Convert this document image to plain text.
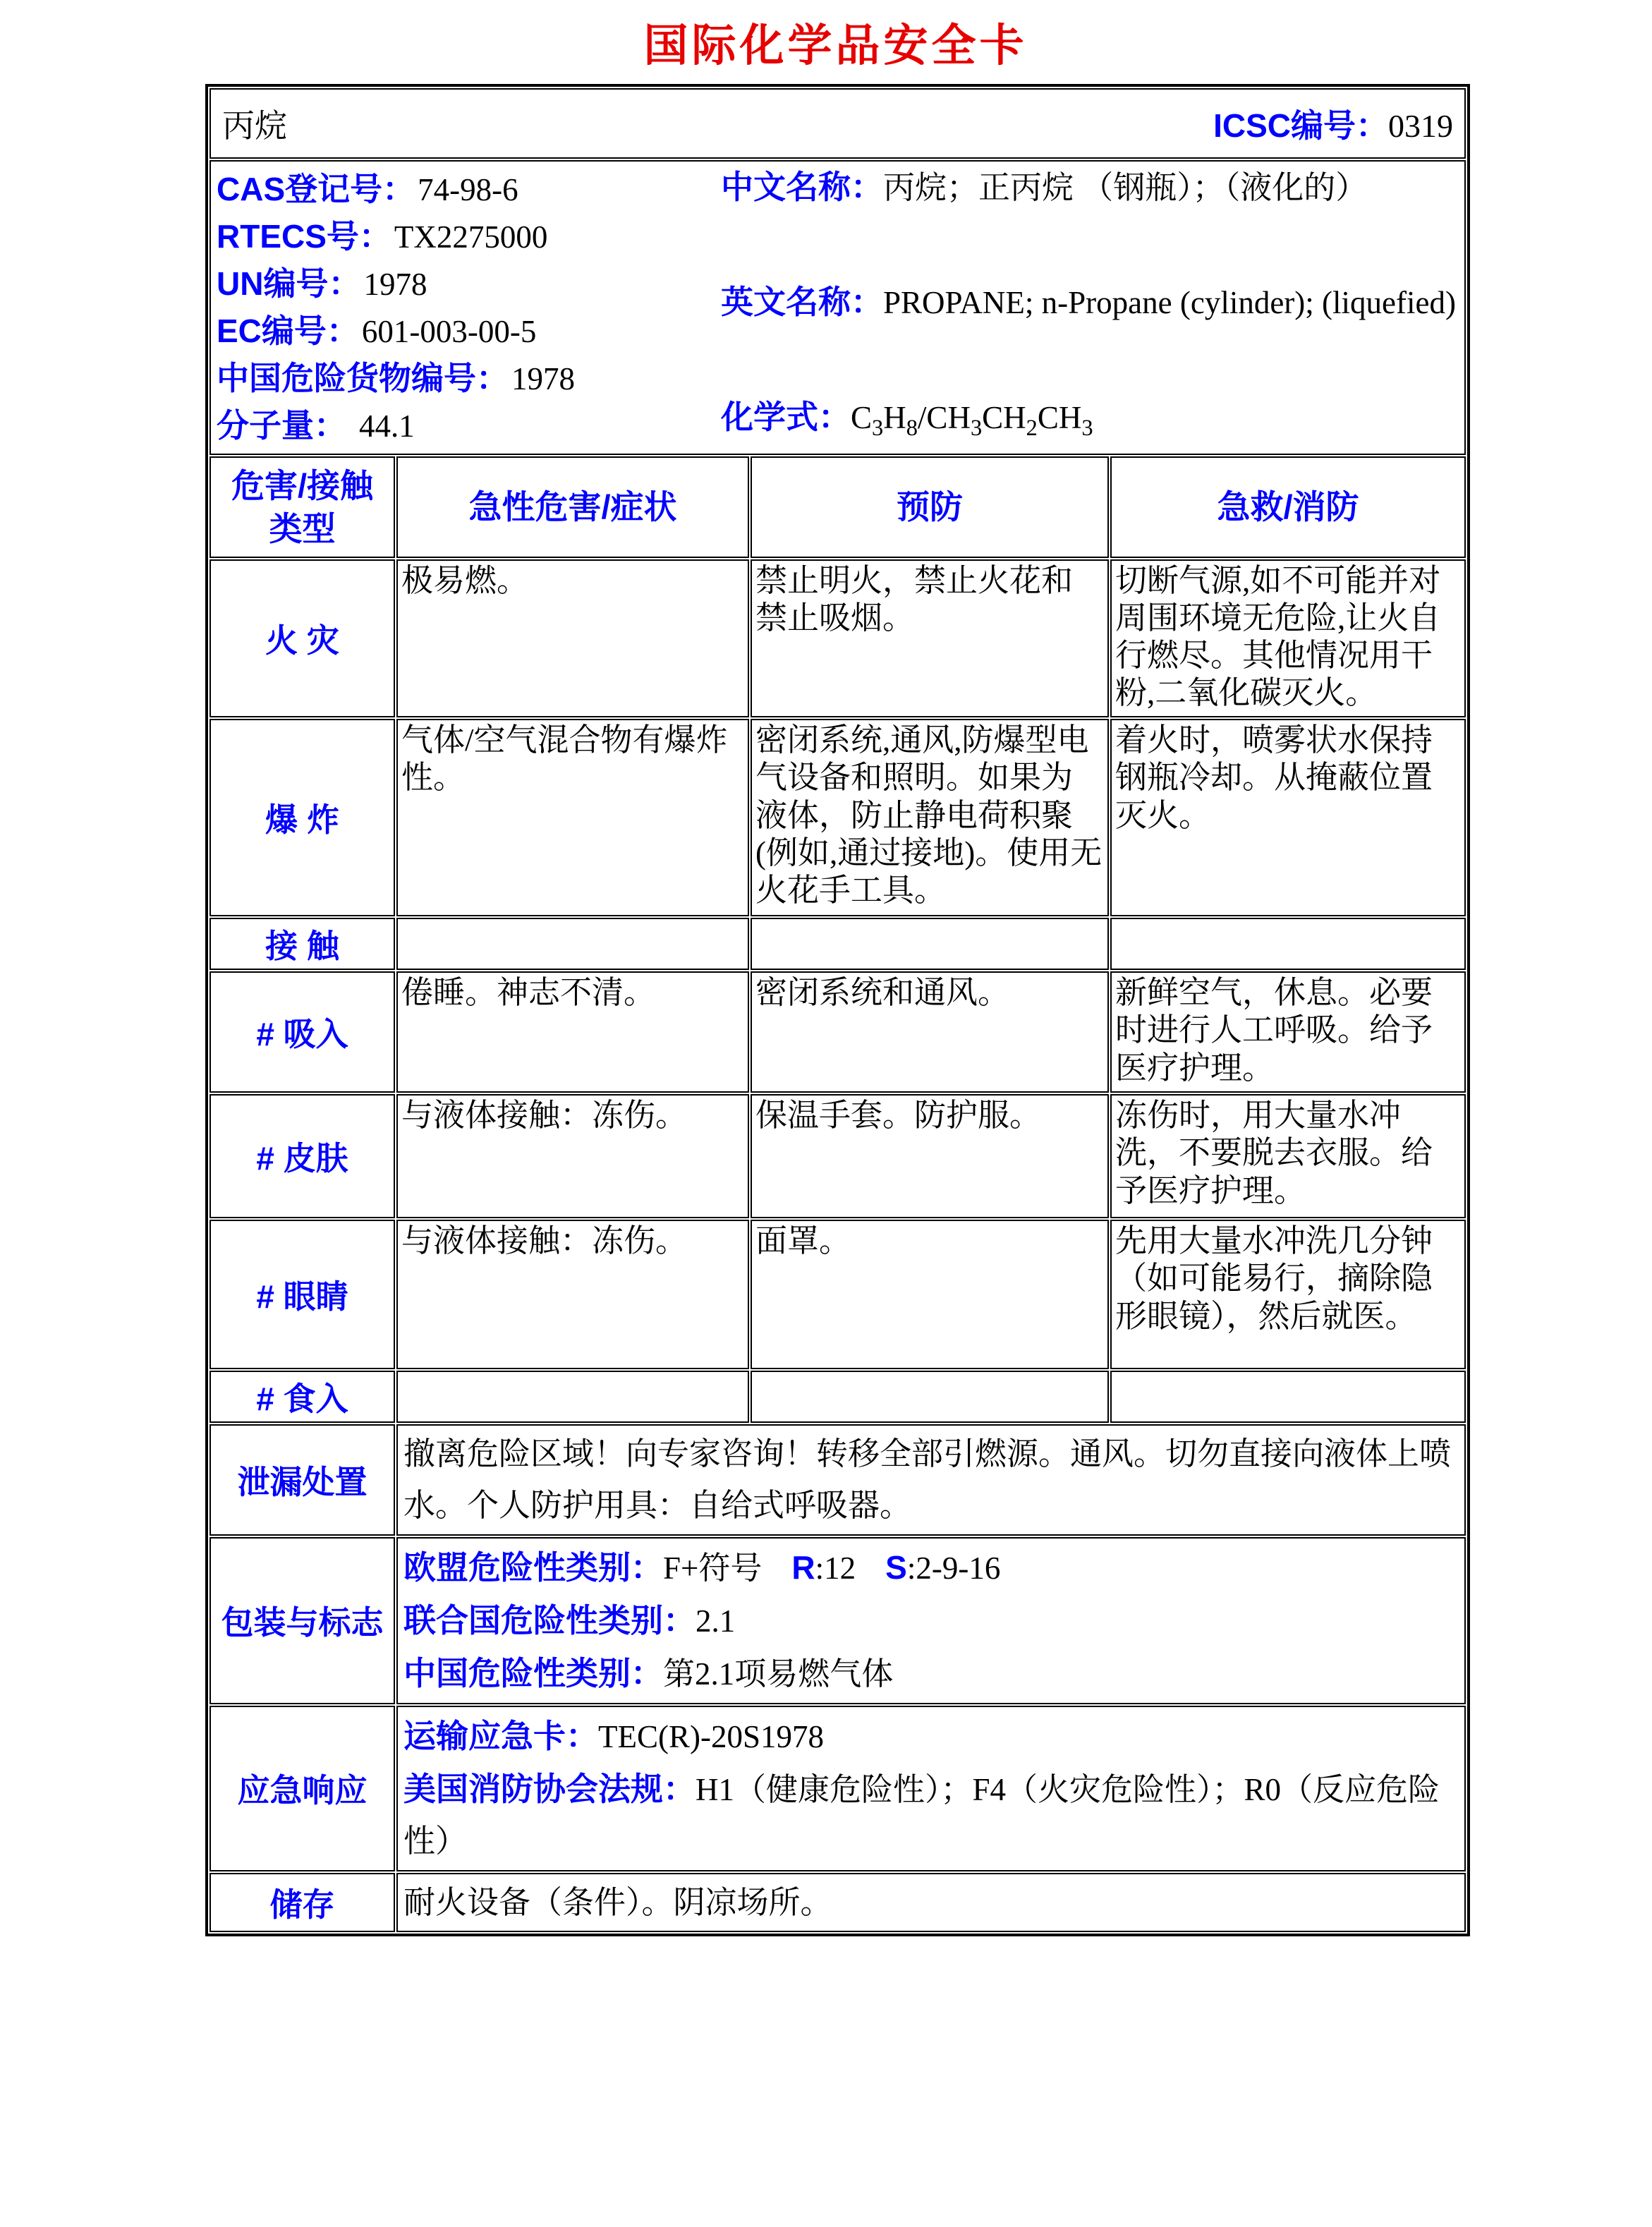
国际化学品安全卡
丙烷 ICSC编号：0319			

CAS登记号：74-98-6
RTECS号：TX2275000
UN编号：1978
EC编号：601-003-00-5
中国危险货物编号：1978
分子量： 44.1
中文名称：丙烷；正丙烷 （钢瓶）；（液化的）
英文名称：PROPANE; n-Propane (cylinder); (liquefied)
化学式：$C_3H_8/CH_3CH_2CH_3$

危害/接触
类型	急性危害/症状	预防	急救/消防

火 灾	极易燃。	禁止明火，禁止火花和禁止吸烟。	切断气源,如不可能并对周围环境无危险,让火自行燃尽。其他情况用干粉,二氧化碳灭火。
爆 炸	气体/空气混合物有爆炸性。	密闭系统,通风,防爆型电气设备和照明。如果为液体，防止静电荷积聚(例如,通过接地)。使用无火花手工具。	着火时，喷雾状水保持钢瓶冷却。从掩蔽位置灭火。
接 触			
# 吸入	倦睡。神志不清。	密闭系统和通风。	新鲜空气，休息。必要时进行人工呼吸。给予医疗护理。
# 皮肤	与液体接触：冻伤。	保温手套。防护服。	冻伤时，用大量水冲洗，不要脱去衣服。给予医疗护理。
# 眼睛	与液体接触：冻伤。	面罩。	先用大量水冲洗几分钟（如可能易行，摘除隐形眼镜），然后就医。
# 食入			
泄漏处置	撤离危险区域！向专家咨询！转移全部引燃源。通风。切勿直接向液体上喷水。个人防护用具：自给式呼吸器。		
包装与标志	欧盟危险性类别：F+符号 R:12 S:2-9-16
联合国危险性类别：2.1
中国危险性类别：第2.1项易燃气体		

应急响应	运输应急卡：TEC(R)-20S1978
美国消防协会法规：H1（健康危险性）；F4（火灾危险性）；R0（反应危险性）		

储存	耐火设备（条件）。阴凉场所。		
